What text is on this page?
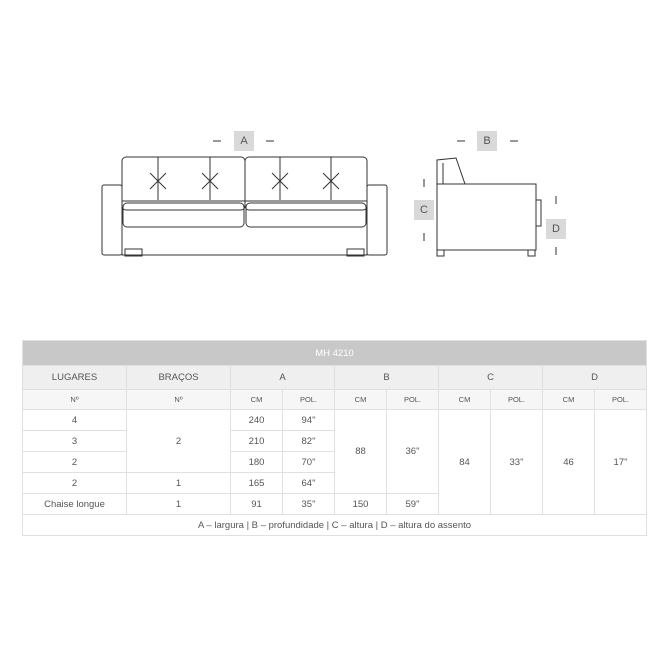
A	B
C
D
MH 4210									
LUGARES	BRAÇOS	A		B		C		D	
Nº	Nº	CM	POL.	CM	POL.	CM	POL.	CM	POL.
4	2	240	94"	88	36"	84	33"	46	17"
3		210	82"						
2		180	70"						
2	1	165	64"						
Chaise longue	1	91	35"	150	59"				
A – largura | B – profundidade | C – altura | D – altura do assento									
